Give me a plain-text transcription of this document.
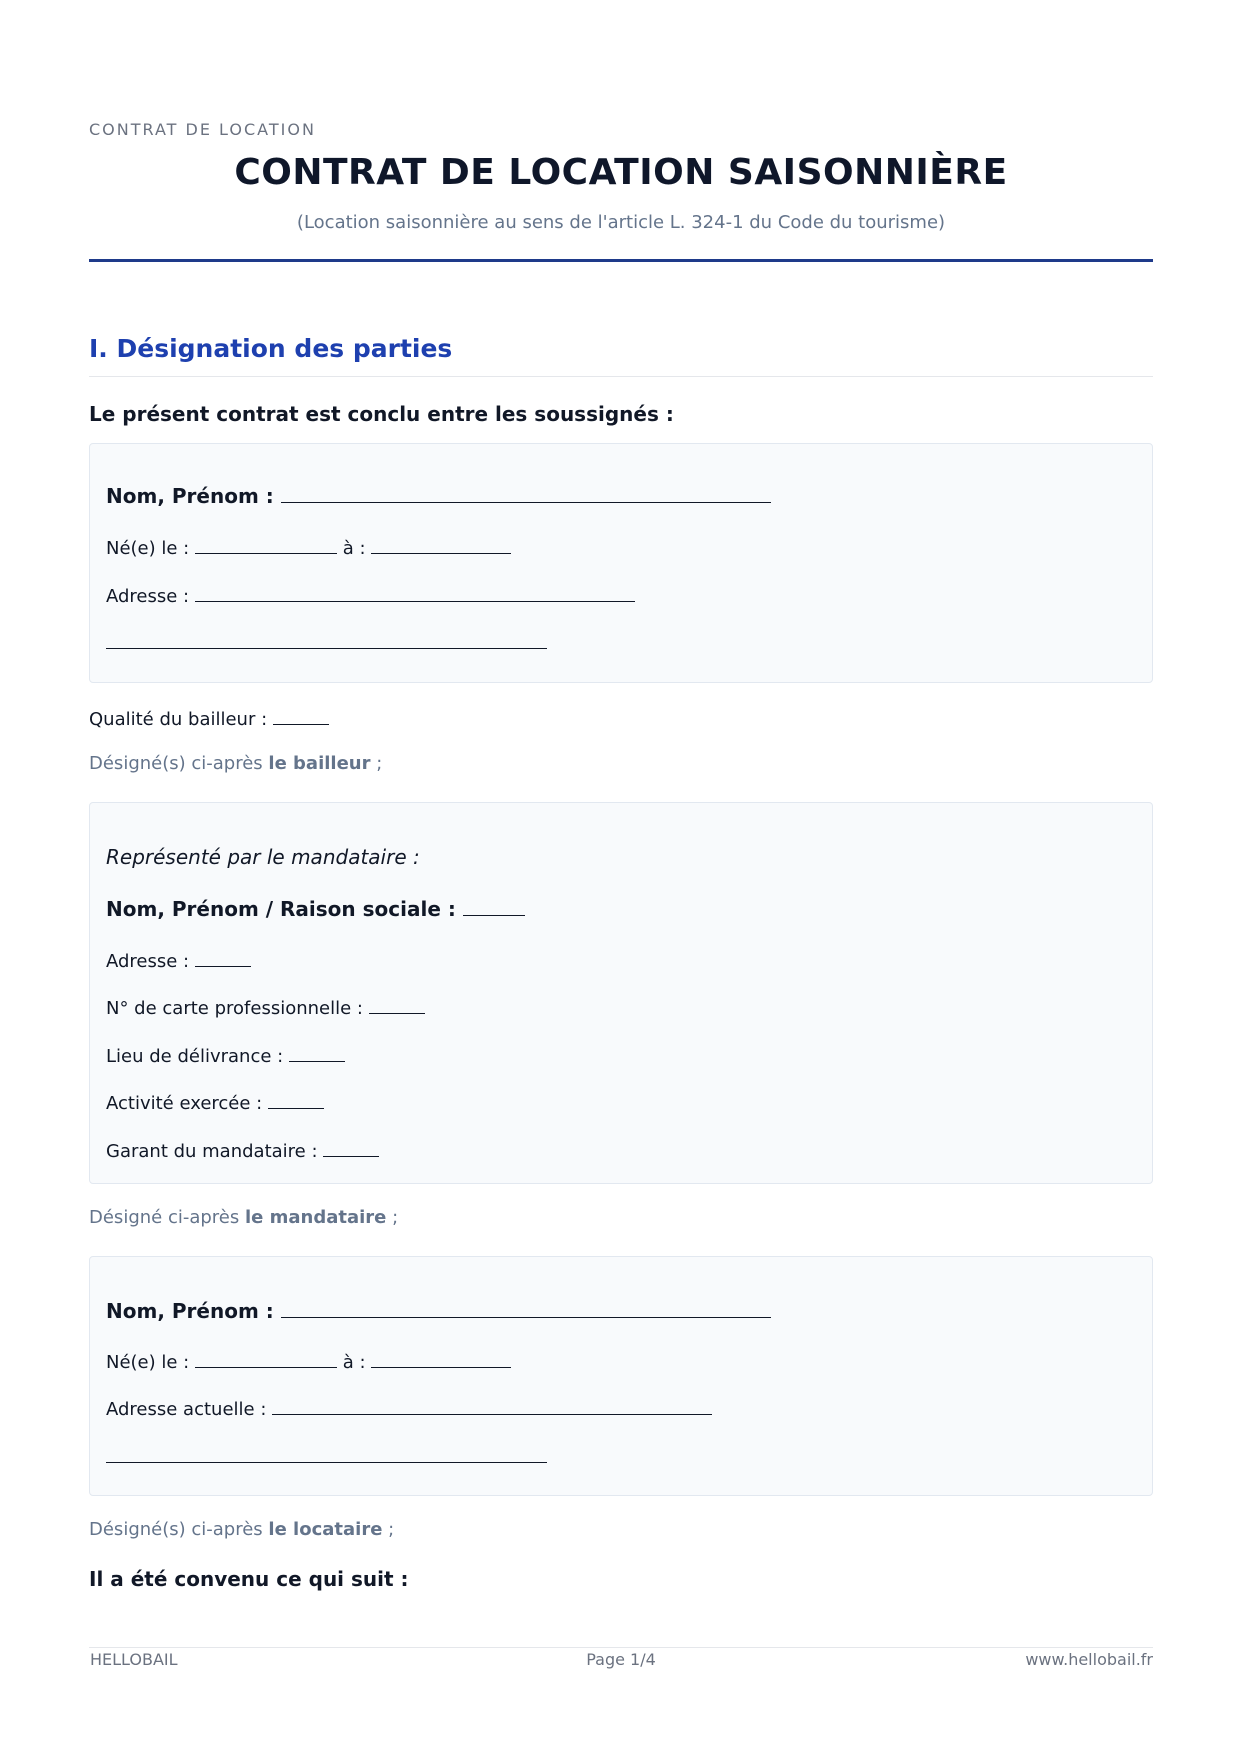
CONTRAT DE LOCATION
CONTRAT DE LOCATION SAISONNIÈRE
(Location saisonnière au sens de l'article L. 324-1 du Code du tourisme)
I. Désignation des parties
Le présent contrat est conclu entre les soussignés :
Nom, Prénom :
Né(e) le :	à :
Adresse :
Qualité du bailleur :
Désigné(s) ci-après le bailleur ;
Représenté par le mandataire :
Nom, Prénom / Raison sociale :
Adresse :
N° de carte professionnelle :
Lieu de délivrance :
Activité exercée :
Garant du mandataire :
Désigné ci-après le mandataire ;
Nom, Prénom :
Né(e) le :	à :
Adresse actuelle :
Désigné(s) ci-après le locataire ;
Il a été convenu ce qui suit :
HELLOBAIL	Page 1/4	www.hellobail.fr
